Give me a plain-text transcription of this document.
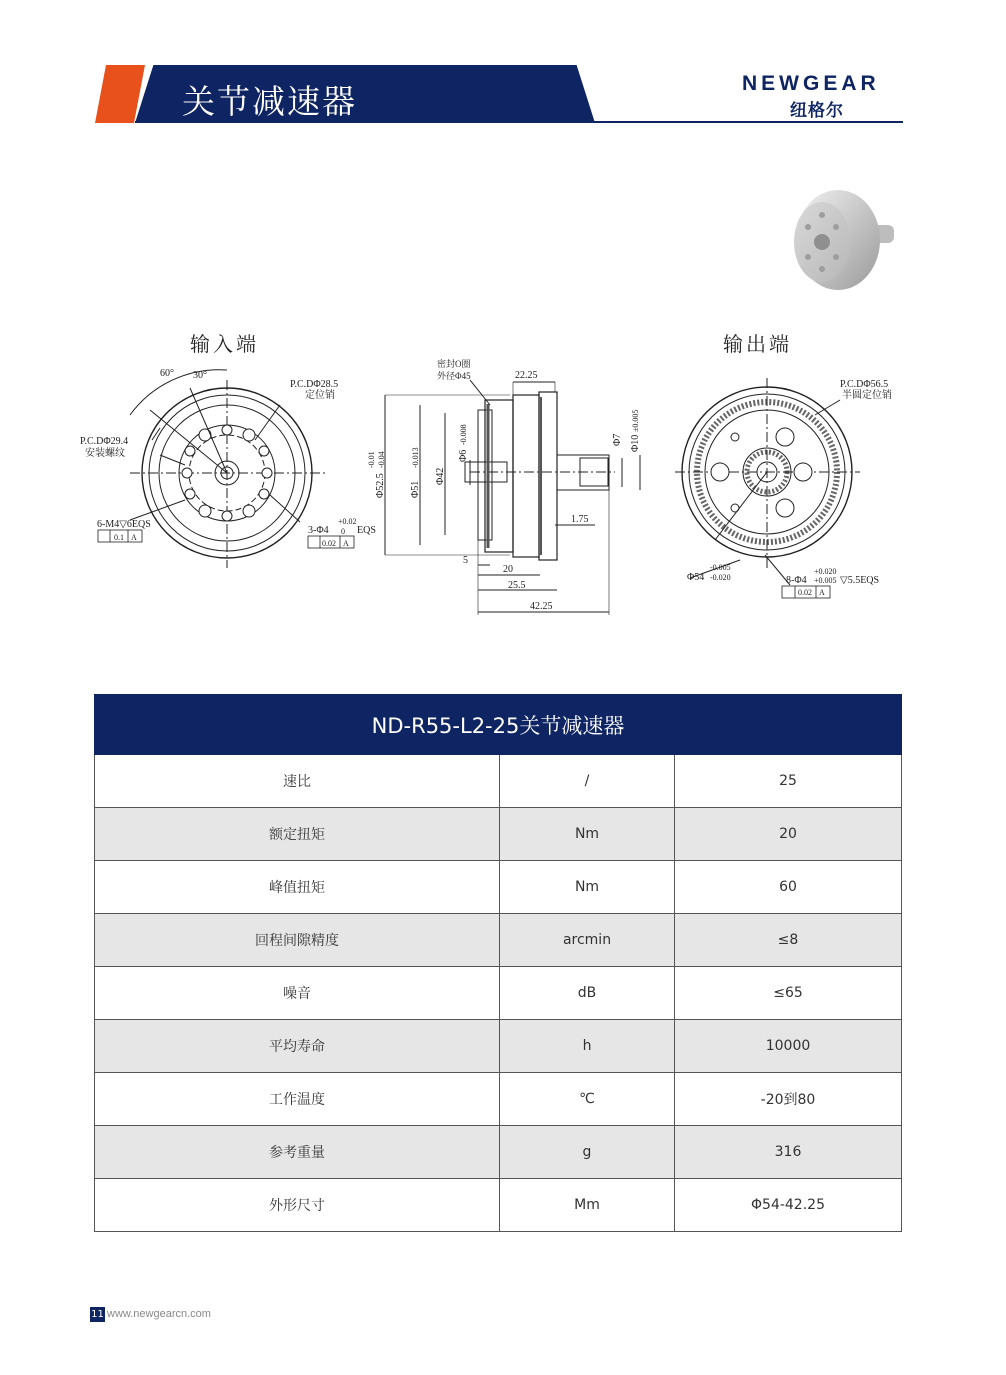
关节减速器	NEWGEAR
纽格尔
输入端	输出端
60° 30°
P.C.DΦ28.5
定位销
P.C.DΦ29.4
安装螺纹
6-M4▽6EQS
3-Φ4
+0.02
0 EQS
0.1 A
0.02 A
密封O圈
外径Φ45	22.25
1.75
5
20
25.5
42.25
Φ52.5
-0.01 -0.04
Φ51
-0.013
Φ42
Φ6
-0.008	Φ7 Φ10
±0.005
P.C.DΦ56.5
半圆定位销
Φ54
-0.005
-0.020	8-Φ4
+0.020
+0.005 ▽5.5EQS
0.02 A
ND-R55-L2-25关节减速器
速比	/	25
额定扭矩	Nm	20
峰值扭矩	Nm	60
回程间隙精度	arcmin	≤8
噪音	dB	≤65
平均寿命	h	10000
工作温度	℃	-20到80
参考重量	g	316
外形尺寸	Mm	Φ54-42.25
11 www.newgearcn.com
